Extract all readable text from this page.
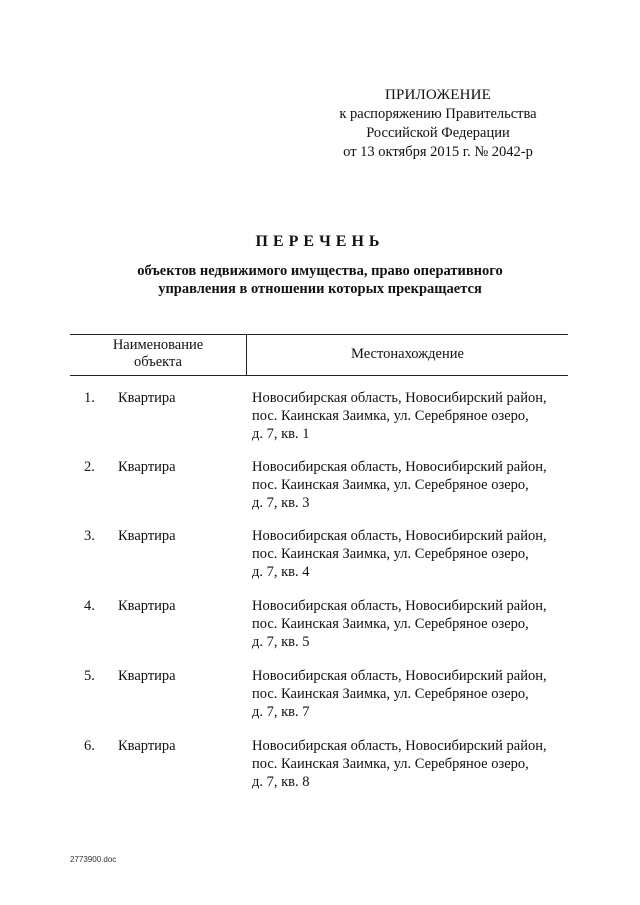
ПРИЛОЖЕНИЕ
к распоряжению Правительства
Российской Федерации
от 13 октября 2015 г. № 2042-р
ПЕРЕЧЕНЬ
объектов недвижимого имущества, право оперативного
управления в отношении которых прекращается
Наименование
объекта	Местонахождение
1. Квартира	Новосибирская область, Новосибирский район,
пос. Каинская Заимка, ул. Серебряное озеро,
д. 7, кв. 1
2. Квартира	Новосибирская область, Новосибирский район,
пос. Каинская Заимка, ул. Серебряное озеро,
д. 7, кв. 3
3. Квартира	Новосибирская область, Новосибирский район,
пос. Каинская Заимка, ул. Серебряное озеро,
д. 7, кв. 4
4. Квартира	Новосибирская область, Новосибирский район,
пос. Каинская Заимка, ул. Серебряное озеро,
д. 7, кв. 5
5. Квартира	Новосибирская область, Новосибирский район,
пос. Каинская Заимка, ул. Серебряное озеро,
д. 7, кв. 7
6. Квартира	Новосибирская область, Новосибирский район,
пос. Каинская Заимка, ул. Серебряное озеро,
д. 7, кв. 8
2773900.doc
